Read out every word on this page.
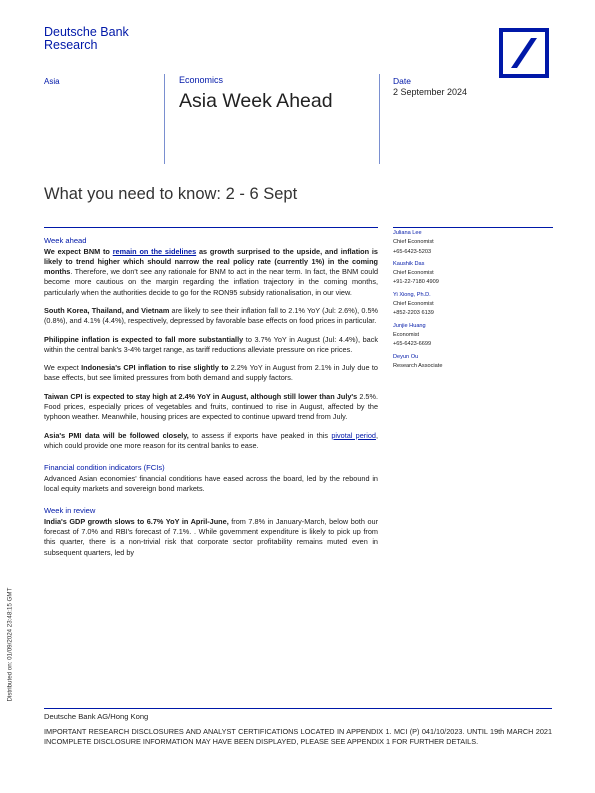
Deutsche Bank
Research
Asia	Economics
Asia Week Ahead
Date
2 September 2024
What you need to know: 2 - 6 Sept
Week ahead

We expect BNM to remain on the sidelines as growth surprised to the upside, and inflation is likely to trend higher which should narrow the real policy rate (currently 1%) in the coming months. Therefore, we don't see any rationale for BNM to act in the near term. In fact, the BNM could become more cautious on the margin regarding the inflation trajectory in the coming months, particularly when the authorities decide to go for the RON95 subsidy rationalisation, in our view.

South Korea, Thailand, and Vietnam are likely to see their inflation fall to 2.1% YoY (Jul: 2.6%), 0.5% (0.8%), and 4.1% (4.4%), respectively, depressed by favorable base effects on food prices in particular.

Philippine inflation is expected to fall more substantially to 3.7% YoY in August (Jul: 4.4%), back within the central bank's 3-4% target range, as tariff reductions alleviate pressure on rice prices.

We expect Indonesia's CPI inflation to rise slightly to 2.2% YoY in August from 2.1% in July due to base effects, but see limited pressures from both demand and supply factors.

Taiwan CPI is expected to stay high at 2.4% YoY in August, although still lower than July's 2.5%. Food prices, especially prices of vegetables and fruits, continued to rise in August, affected by the typhoon weather. Meanwhile, housing prices are expected to continue upward trend from July.

Asia's PMI data will be followed closely, to assess if exports have peaked in this pivotal period, which could provide one more reason for its central banks to ease.

Financial condition indicators (FCIs)

Advanced Asian economies' financial conditions have eased across the board, led by the rebound in local equity markets and sovereign bond markets.

Week in review

India's GDP growth slows to 6.7% YoY in April-June, from 7.8% in January-March, below both our forecast of 7.0% and RBI's forecast of 7.1%. . While government expenditure is likely to pick up from this quarter, there is a non-trivial risk that corporate sector profitability remains muted even in subsequent quarters, led by

Juliana Lee
Chief Economist
+65-6423-5203
Kaushik Das
Chief Economist
+91-22-7180 4909
Yi Xiong, Ph.D.
Chief Economist
+852-2203 6139
Junjie Huang
Economist
+65-6423-6699
Deyun Ou
Research Associate
Distributed on: 01/09/2024 23:48:15 GMT
Deutsche Bank AG/Hong Kong
IMPORTANT RESEARCH DISCLOSURES AND ANALYST CERTIFICATIONS LOCATED IN APPENDIX 1. MCI (P) 041/10/2023. UNTIL 19th MARCH 2021 INCOMPLETE DISCLOSURE INFORMATION MAY HAVE BEEN DISPLAYED, PLEASE SEE APPENDIX 1 FOR FURTHER DETAILS.
